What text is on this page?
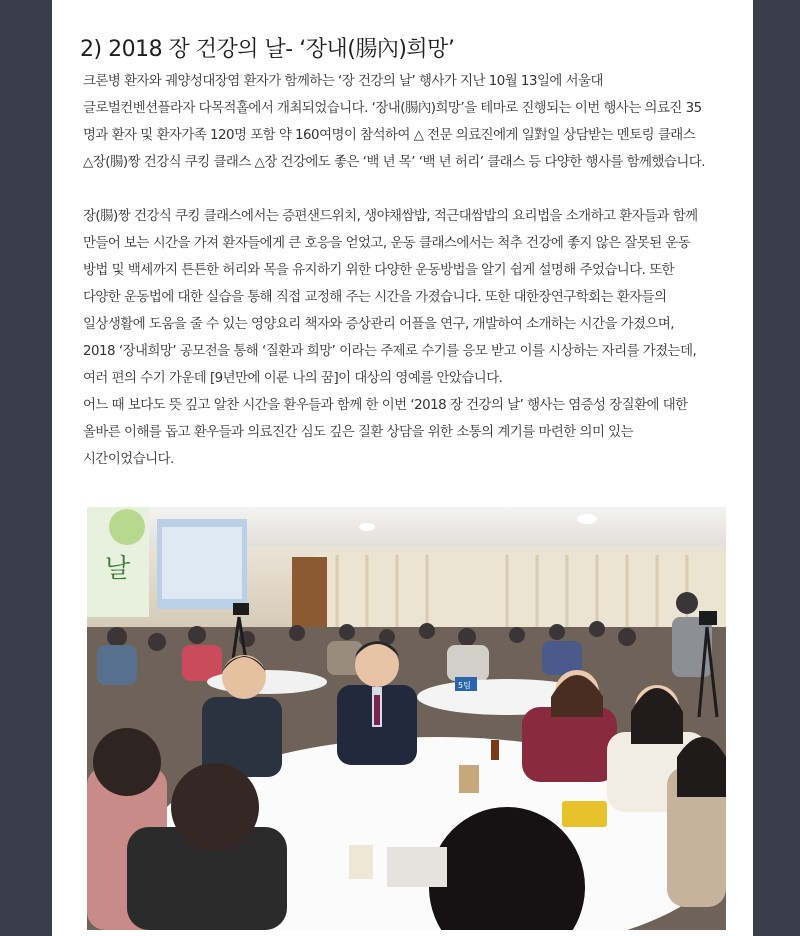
2) 2018 장 건강의 날- ‘장내(腸內)희망’
크론병 환자와 궤양성대장염 환자가 함께하는 ‘장 건강의 날’ 행사가 지난 10월 13일에 서울대
글로벌컨벤션플라자 다목적홀에서 개최되었습니다. ‘장내(腸內)희망’을 테마로 진행되는 이번 행사는 의료진 35
명과 환자 및 환자가족 120명 포함 약 160여명이 참석하여 △ 전문 의료진에게 일對일 상담받는 멘토링 클래스
△장(腸)짱 건강식 쿠킹 클래스 △장 건강에도 좋은 ‘백 년 목’ ‘백 년 허리’ 클래스 등 다양한 행사를 함께했습니다.
장(腸)짱 건강식 쿠킹 클래스에서는 증편샌드위치, 생야채쌈밥, 적근대쌈밥의 요리법을 소개하고 환자들과 함께
만들어 보는 시간을 가져 환자들에게 큰 호응을 얻었고, 운동 클래스에서는 척추 건강에 좋지 않은 잘못된 운동
방법 및 백세까지 튼튼한 허리와 목을 유지하기 위한 다양한 운동방법을 알기 쉽게 설명해 주었습니다. 또한
다양한 운동법에 대한 실습을 통해 직접 교정해 주는 시간을 가졌습니다. 또한 대한장연구학회는 환자들의
일상생활에 도움을 줄 수 있는 영양요리 책자와 증상관리 어플을 연구, 개발하여 소개하는 시간을 가졌으며,
2018 ‘장내희망’ 공모전을 통해 ‘질환과 희망’ 이라는 주제로 수기를 응모 받고 이를 시상하는 자리를 가졌는데,
여러 편의 수기 가운데 [9년만에 이룬 나의 꿈]이 대상의 영예를 안았습니다.
어느 때 보다도 뜻 깊고 알찬 시간을 환우들과 함께 한 이번 ‘2018 장 건강의 날’ 행사는 염증성 장질환에 대한
올바른 이해를 돕고 환우들과 의료진간 심도 깊은 질환 상담을 위한 소통의 계기를 마련한 의미 있는
시간이었습니다.
날
5팀
